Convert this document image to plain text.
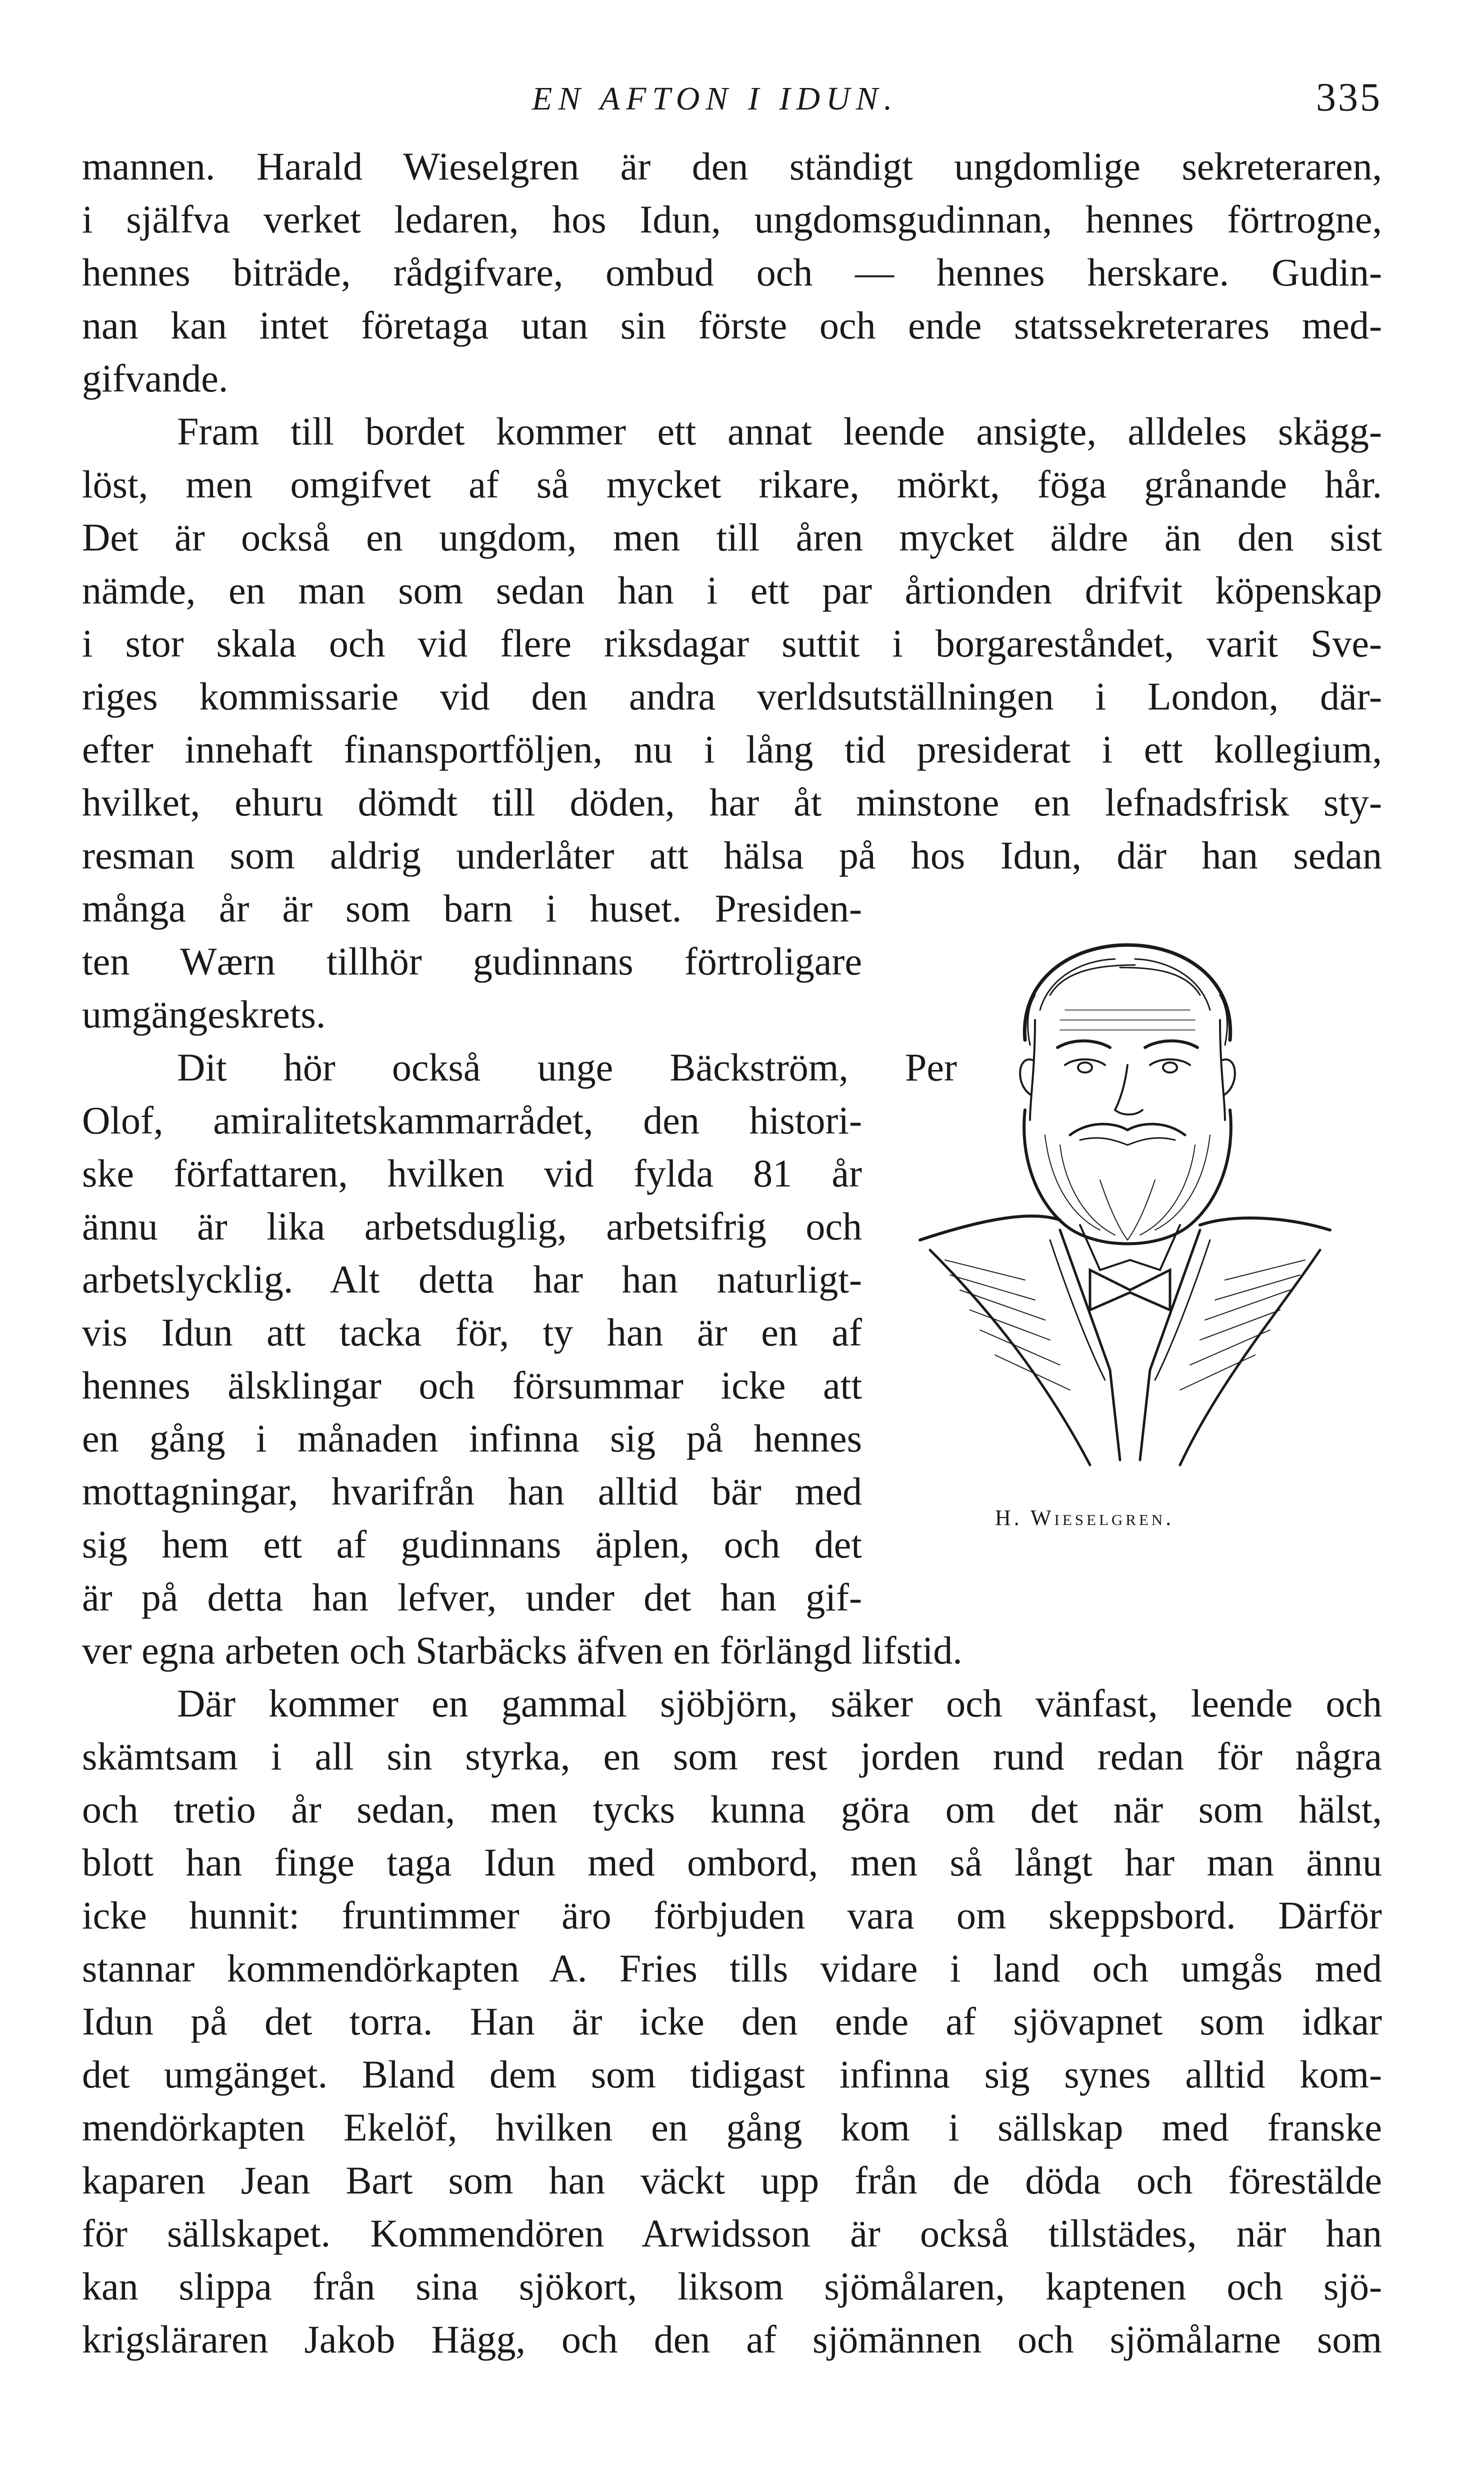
EN AFTON I IDUN.	335
mannen. Harald Wieselgren är den ständigt ungdomlige sekreteraren,
i själfva verket ledaren, hos Idun, ungdomsgudinnan, hennes förtrogne,
hennes biträde, rådgifvare, ombud och — hennes herskare. Gudin-
nan kan intet företaga utan sin förste och ende statssekreterares med-
gifvande.
Fram till bordet kommer ett annat leende ansigte, alldeles skägg-
löst, men omgifvet af så mycket rikare, mörkt, föga grånande hår.
Det är också en ungdom, men till åren mycket äldre än den sist
nämde, en man som sedan han i ett par årtionden drifvit köpenskap
i stor skala och vid flere riksdagar suttit i borgareståndet, varit Sve-
riges kommissarie vid den andra verldsutställningen i London, där-
efter innehaft finansportföljen, nu i lång tid presiderat i ett kollegium,
hvilket, ehuru dömdt till döden, har åt minstone en lefnadsfrisk sty-
resman som aldrig underlåter att hälsa på hos Idun, där han sedan
många år är som barn i huset. Presiden-
ten Wærn tillhör gudinnans förtroligare
umgängeskrets.
Dit hör också unge Bäckström, Per
Olof, amiralitetskammarrådet, den histori-
ske författaren, hvilken vid fylda 81 år
ännu är lika arbetsduglig, arbetsifrig och
arbetslycklig. Alt detta har han naturligt-
vis Idun att tacka för, ty han är en af
hennes älsklingar och försummar icke att
en gång i månaden infinna sig på hennes
mottagningar, hvarifrån han alltid bär med
sig hem ett af gudinnans äplen, och det
är på detta han lefver, under det han gif-
ver egna arbeten och Starbäcks äfven en förlängd lifstid.
Där kommer en gammal sjöbjörn, säker och vänfast, leende och
skämtsam i all sin styrka, en som rest jorden rund redan för några
och tretio år sedan, men tycks kunna göra om det när som hälst,
blott han finge taga Idun med ombord, men så långt har man ännu
icke hunnit: fruntimmer äro förbjuden vara om skeppsbord. Därför
stannar kommendörkapten A. Fries tills vidare i land och umgås med
Idun på det torra. Han är icke den ende af sjövapnet som idkar
det umgänget. Bland dem som tidigast infinna sig synes alltid kom-
mendörkapten Ekelöf, hvilken en gång kom i sällskap med franske
kaparen Jean Bart som han väckt upp från de döda och förestälde
för sällskapet. Kommendören Arwidsson är också tillstädes, när han
kan slippa från sina sjökort, liksom sjömålaren, kaptenen och sjö-
krigsläraren Jakob Hägg, och den af sjömännen och sjömålarne som
H. Wieselgren.
